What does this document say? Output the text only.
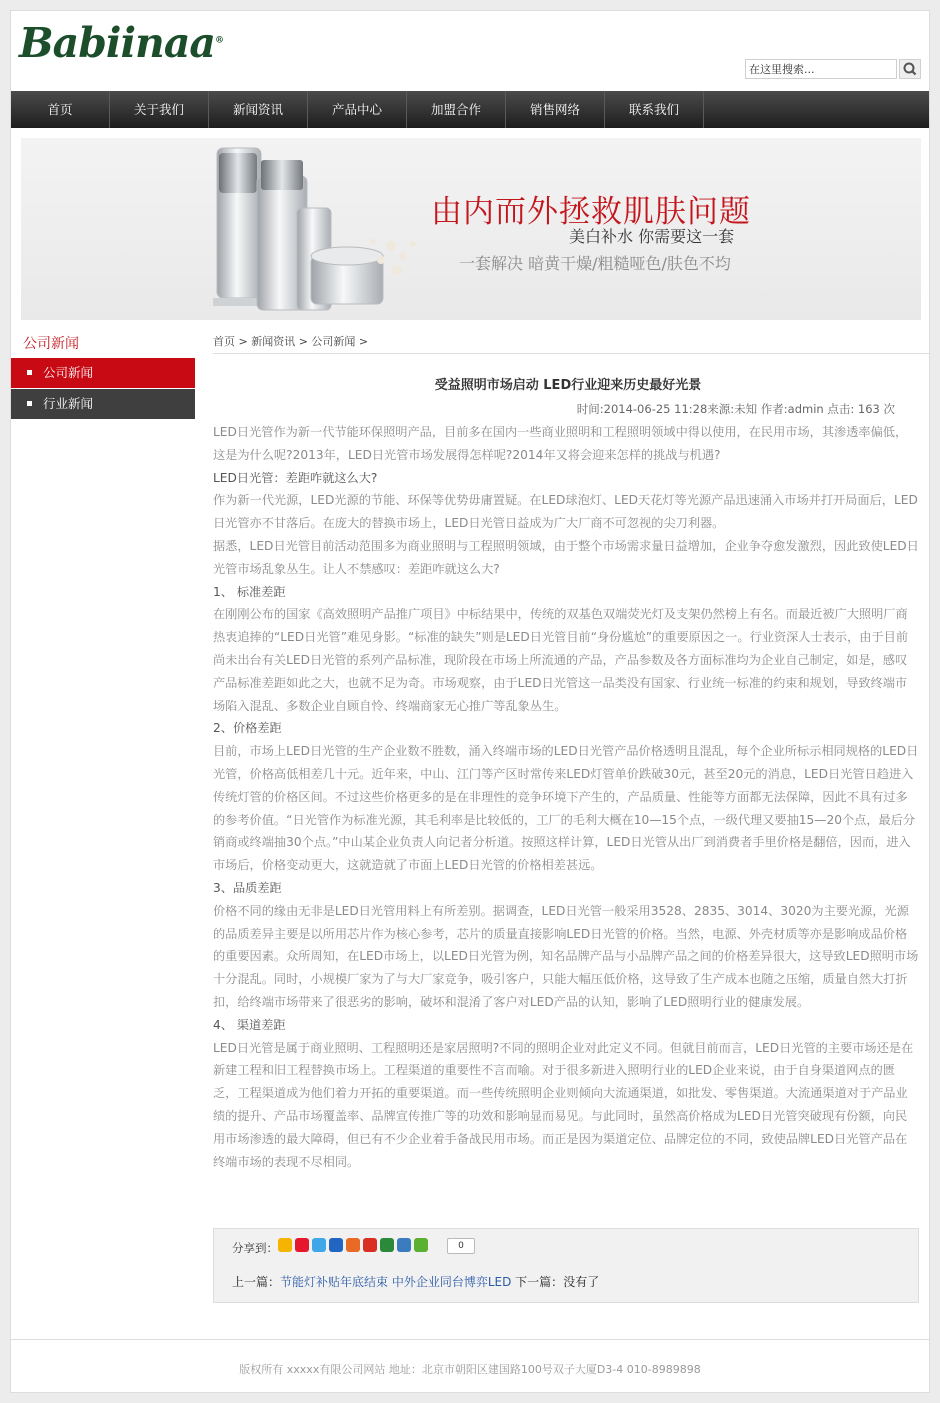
Babiinaa®
在这里搜索...
首页	关于我们	新闻资讯	产品中心	加盟合作	销售网络	联系我们
由内而外拯救肌肤问题
美白补水 你需要这一套
一套解决 暗黄干燥/粗糙哑色/肤色不均
公司新闻
公司新闻
行业新闻
首页 > 新闻资讯 > 公司新闻 >
受益照明市场启动 LED行业迎来历史最好光景
时间:2014-06-25 11:28来源:未知 作者:admin 点击: 163 次

LED日光管作为新一代节能环保照明产品，目前多在国内一些商业照明和工程照明领域中得以使用，在民用市场，其渗透率偏低，这是为什么呢?2013年，LED日光管市场发展得怎样呢?2014年又将会迎来怎样的挑战与机遇?

LED日光管：差距咋就这么大?

作为新一代光源，LED光源的节能、环保等优势毋庸置疑。在LED球泡灯、LED天花灯等光源产品迅速涌入市场并打开局面后，LED日光管亦不甘落后。在庞大的替换市场上，LED日光管日益成为广大厂商不可忽视的尖刀利器。

据悉，LED日光管目前活动范围多为商业照明与工程照明领域，由于整个市场需求量日益增加，企业争夺愈发激烈，因此致使LED日光管市场乱象丛生。让人不禁感叹：差距咋就这么大?

1、 标准差距

在刚刚公布的国家《高效照明产品推广项目》中标结果中，传统的双基色双端荧光灯及支架仍然榜上有名。而最近被广大照明厂商热衷追捧的“LED日光管”难见身影。“标准的缺失”则是LED日光管目前“身份尴尬”的重要原因之一。行业资深人士表示，由于目前尚未出台有关LED日光管的系列产品标准，现阶段在市场上所流通的产品，产品参数及各方面标准均为企业自己制定，如是，感叹产品标准差距如此之大，也就不足为奇。市场观察，由于LED日光管这一品类没有国家、行业统一标准的约束和规划，导致终端市场陷入混乱、多数企业自顾自怜、终端商家无心推广等乱象丛生。

2、价格差距

目前，市场上LED日光管的生产企业数不胜数，涌入终端市场的LED日光管产品价格透明且混乱，每个企业所标示相同规格的LED日光管，价格高低相差几十元。近年来，中山、江门等产区时常传来LED灯管单价跌破30元，甚至20元的消息，LED日光管日趋进入传统灯管的价格区间。不过这些价格更多的是在非理性的竞争环境下产生的，产品质量、性能等方面都无法保障，因此不具有过多的参考价值。“日光管作为标准光源，其毛利率是比较低的，工厂的毛利大概在10—15个点，一级代理又要抽15—20个点，最后分销商或终端抽30个点。”中山某企业负责人向记者分析道。按照这样计算，LED日光管从出厂到消费者手里价格是翻倍，因而，进入市场后，价格变动更大，这就造就了市面上LED日光管的价格相差甚远。

3、品质差距

价格不同的缘由无非是LED日光管用料上有所差别。据调查，LED日光管一般采用3528、2835、3014、3020为主要光源，光源的品质差异主要是以所用芯片作为核心参考，芯片的质量直接影响LED日光管的价格。当然，电源、外壳材质等亦是影响成品价格的重要因素。众所周知，在LED市场上，以LED日光管为例，知名品牌产品与小品牌产品之间的价格差异很大，这导致LED照明市场十分混乱。同时，小规模厂家为了与大厂家竞争，吸引客户，只能大幅压低价格，这导致了生产成本也随之压缩，质量自然大打折扣，给终端市场带来了很恶劣的影响，破坏和混淆了客户对LED产品的认知，影响了LED照明行业的健康发展。

4、 渠道差距

LED日光管是属于商业照明、工程照明还是家居照明?不同的照明企业对此定义不同。但就目前而言，LED日光管的主要市场还是在新建工程和旧工程替换市场上。工程渠道的重要性不言而喻。对于很多新进入照明行业的LED企业来说，由于自身渠道网点的匮乏，工程渠道成为他们着力开拓的重要渠道。而一些传统照明企业则倾向大流通渠道，如批发、零售渠道。大流通渠道对于产品业绩的提升、产品市场覆盖率、品牌宣传推广等的功效和影响显而易见。与此同时，虽然高价格成为LED日光管突破现有份额，向民用市场渗透的最大障碍，但已有不少企业着手备战民用市场。而正是因为渠道定位、品牌定位的不同，致使品牌LED日光管产品在终端市场的表现不尽相同。

分享到：	0
上一篇：节能灯补贴年底结束 中外企业同台博弈LED 下一篇：没有了
版权所有 xxxxx有限公司网站 地址：北京市朝阳区建国路100号双子大厦D3-4 010-8989898
